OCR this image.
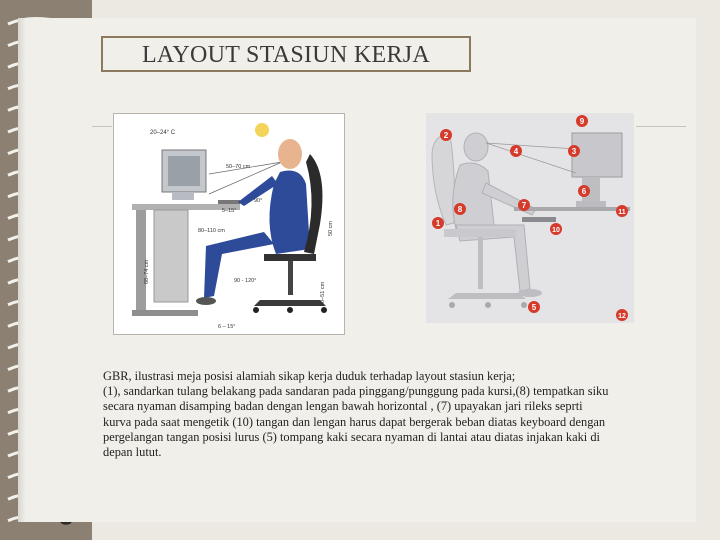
LAYOUT STASIUN KERJA
20–24° C
50–70 cm
5–15°
90°
80–110 cm
68–74 cm
50 cm
40–51 cm
90 - 120°
6 – 15°
1
2
3
4
5
6
7
8
9
10
11
12
GBR, ilustrasi meja posisi alamiah sikap kerja duduk terhadap layout stasiun kerja;
(1), sandarkan tulang belakang pada sandaran pada pinggang/punggung pada kursi,(8) tempatkan siku
secara nyaman disamping badan dengan lengan bawah horizontal , (7) upayakan jari rileks seprti
kurva pada saat mengetik (10) tangan dan lengan harus dapat bergerak beban diatas keyboard dengan
pergelangan tangan posisi lurus (5) tompang kaki secara nyaman di lantai atau diatas injakan kaki di
depan lutut.
